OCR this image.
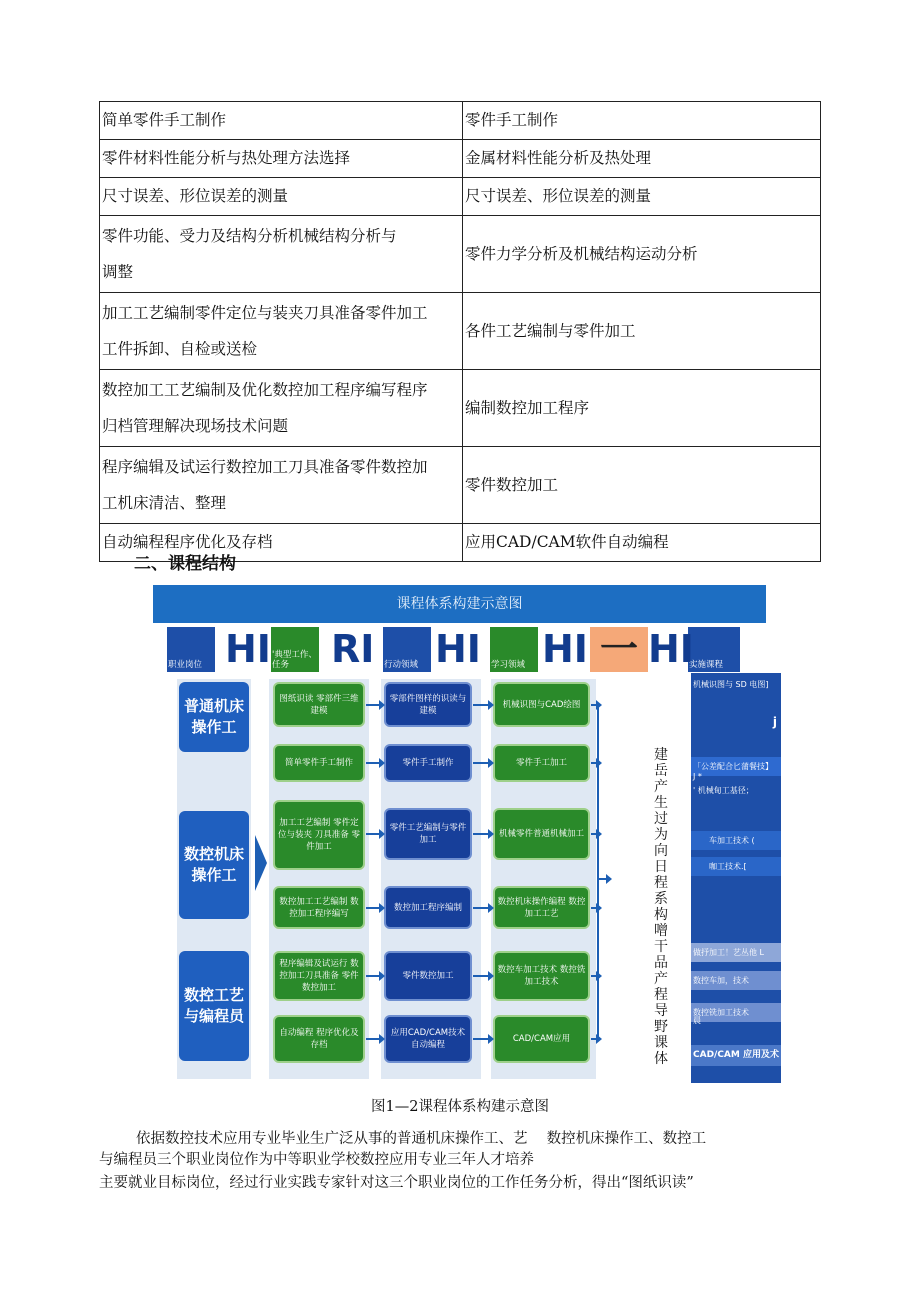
简单零件手工制作	零件手工制作

零件材料性能分析与热处理方法选择	金属材料性能分析及热处理

尺寸误差、形位误差的测量	尺寸误差、形位误差的测量

零件功能、受力及结构分析机械结构分析与
调整	零件力学分析及机械结构运动分析

加工工艺编制零件定位与装夹刀具准备零件加工
工件拆卸、自检或送检	各件工艺编制与零件加工

数控加工工艺编制及优化数控加工程序编写程序
归档管理解决现场技术问题	编制数控加工程序

程序编辑及试运行数控加工刀具准备零件数控加
工机床清洁、整理	零件数控加工

自动编程程序优化及存档	应用CAD/CAM软件自动编程
二、课程结构
课程体系构建示意图
职业岗位 HI '典型工作、任务	RI 行动领域 HI 学习领域 HI 一	实施课程
HI
普通机床操作工
数控机床操作工
数控工艺与编程员
图纸识读 零部件三维建模
简单零件手工制作
加工工艺编制 零件定位与装夹 刀具准备 零件加工
数控加工工艺编制 数控加工程序编写
程序编辑及试运行 数控加工刀具准备 零件数控加工
自动编程 程序优化及存档
零部件图样的识读与建模
零件手工制作
零件工艺编制与零件加工
数控加工程序编制
零件数控加工
应用CAD/CAM技术自动编程
机械识图与CAD绘图
零件手工加工
机械零件普通机械加工
数控机床操作编程 数控加工工艺
数控车加工技术 数控铣加工技术
CAD/CAM应用
建岳产生过为向日程系构噌干品产程导野课体
机械识图与 SD 电图]
j
「公差配合匕蒲餐技】
J *
' 机械甸工基径；
车加工技术 (
咖工技术.[
做抒加工！艺丛他 L
数控车加，技术
数控铣加工技术
晨
CAD/CAM 应用及术
图1—2课程体系构建示意图
依据数控技术应用专业毕业生广泛从事的普通机床操作工、艺　 数控机床操作工、数控工
与编程员三个职业岗位作为中等职业学校数控应用专业三年人才培养
主要就业目标岗位，经过行业实践专家针对这三个职业岗位的工作任务分析，得出“图纸识读”
